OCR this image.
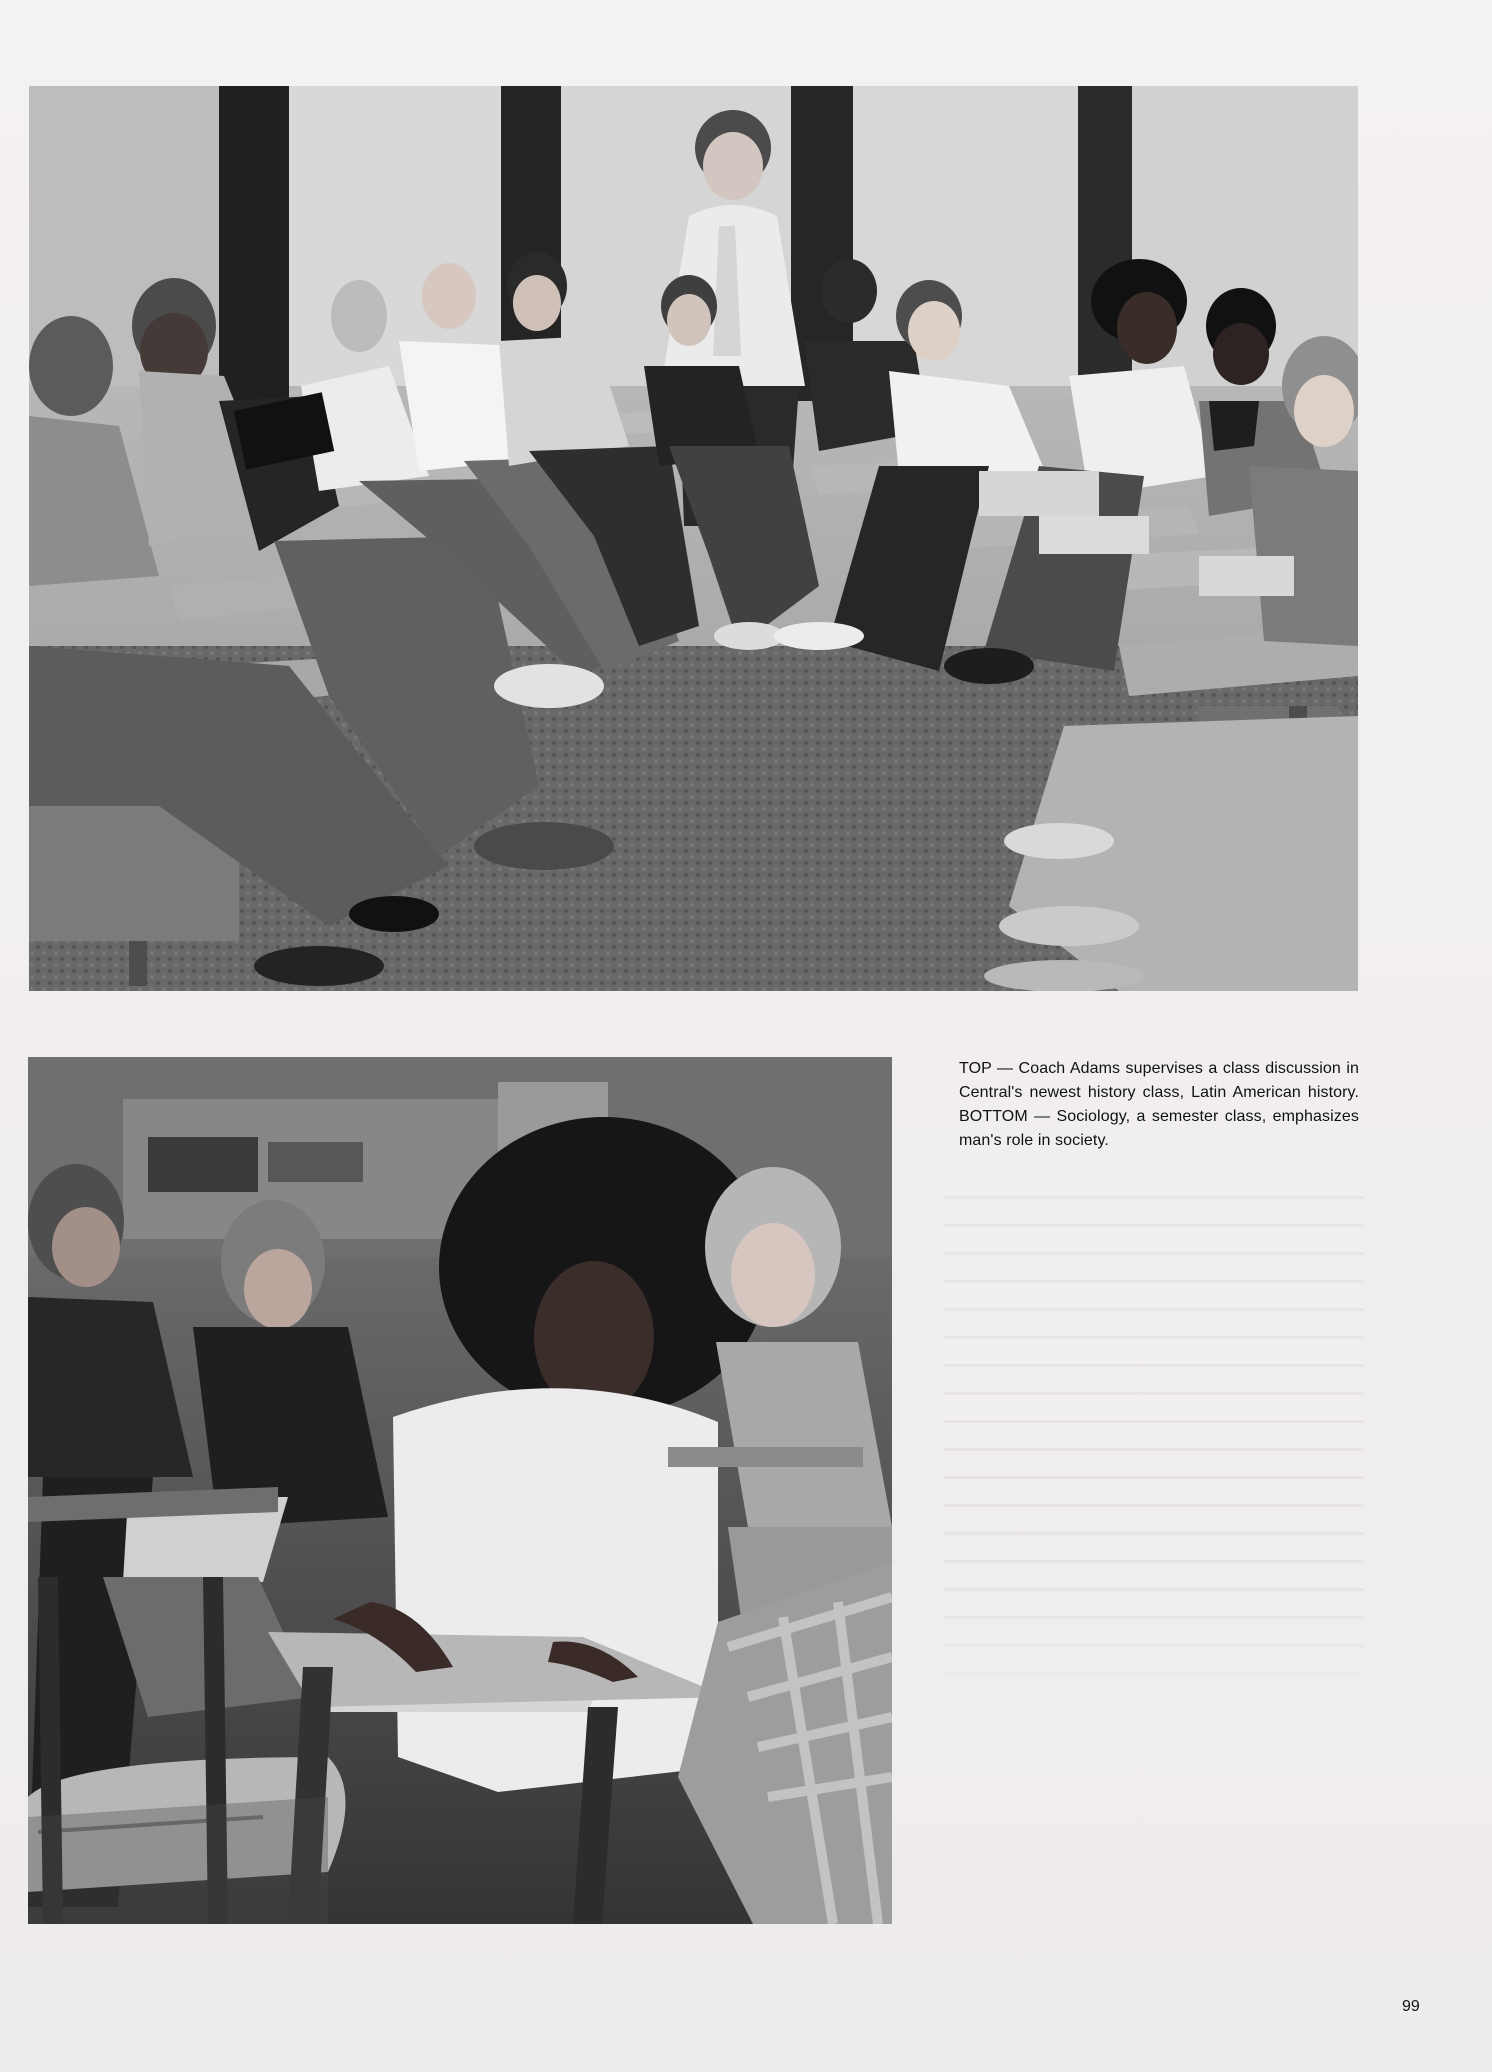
TOP — Coach Adams supervises a class discussion in Central's newest history class, Latin American history. BOTTOM — Sociology, a semester class, emphasizes man's role in society.
99
